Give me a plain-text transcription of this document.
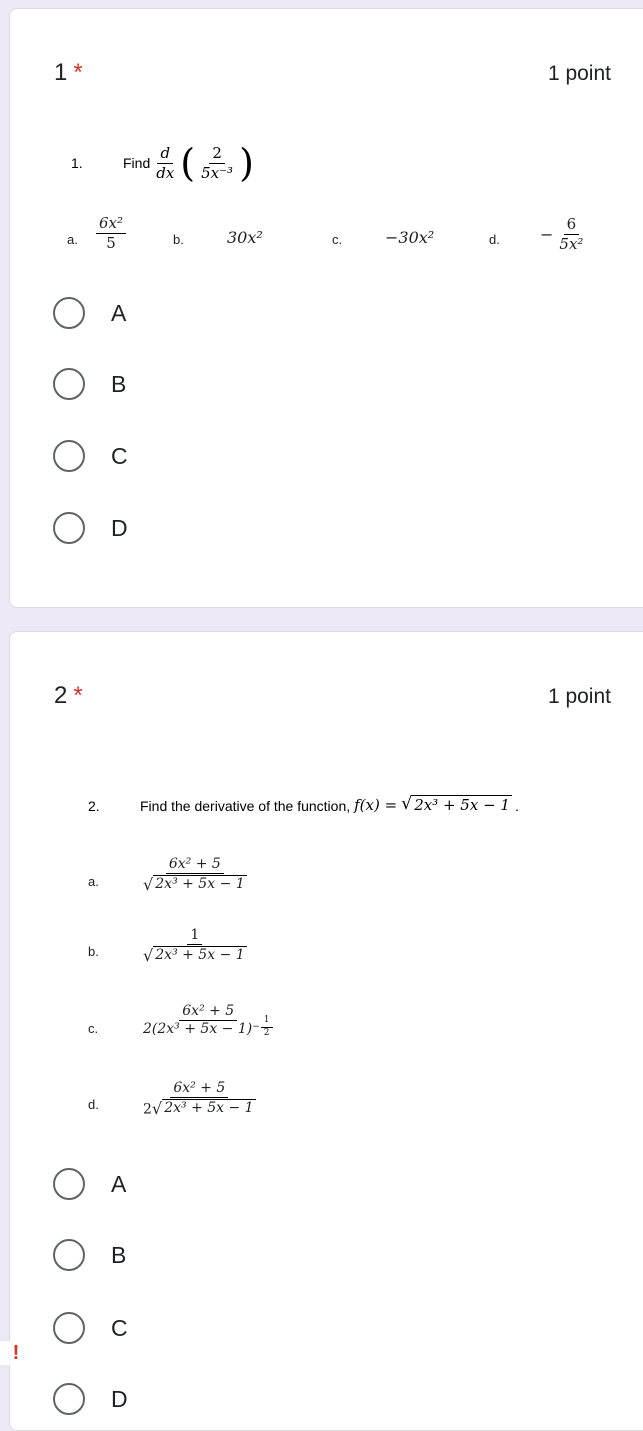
1 *	1 point
1.	Find $\frac{d}{dx}$ ( $\frac{2}{\text{5x⁻³}}$ )
a. $\frac{\text{6x²}}{5}$	b.	30x²	c.	−30x²	d.	− $\frac{6}{\text{5x²}}$
A
B
C
D
2 *	1 point
2.	Find the derivative of the function, f(x) = √ 2x³ + 5x − 1 .
a.	$\frac{\text{6x² + 5}}{\text{√ 2x³ + 5x − 1}}$
b.	$\frac{1}{\text{√ 2x³ + 5x − 1}}$
c.	$\frac{\text{6x² + 5}}{2(2x^3 + 5x - 1) - \frac{1}{2}}$
d.	$\frac{\text{6x² + 5}}{\text{2 √ 2x³ + 5x − 1}}$
A
B
C
D
!
